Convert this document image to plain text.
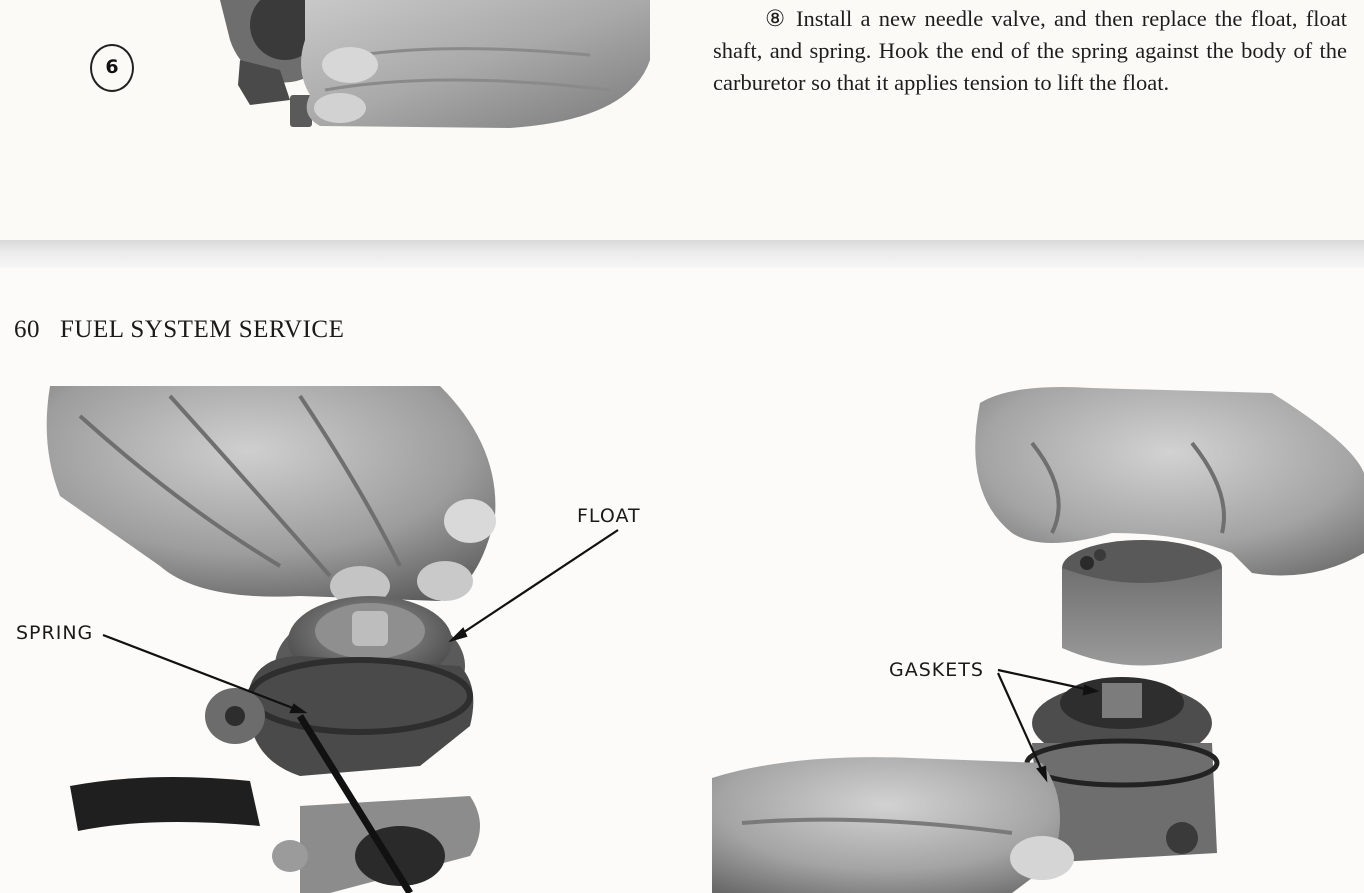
6

⑧ Install a new needle valve, and then replace the float, float shaft, and spring. Hook the end of the spring against the body of the carburetor so that it applies tension to lift the float.

60 FUEL SYSTEM SERVICE
FLOAT
SPRING
GASKETS
